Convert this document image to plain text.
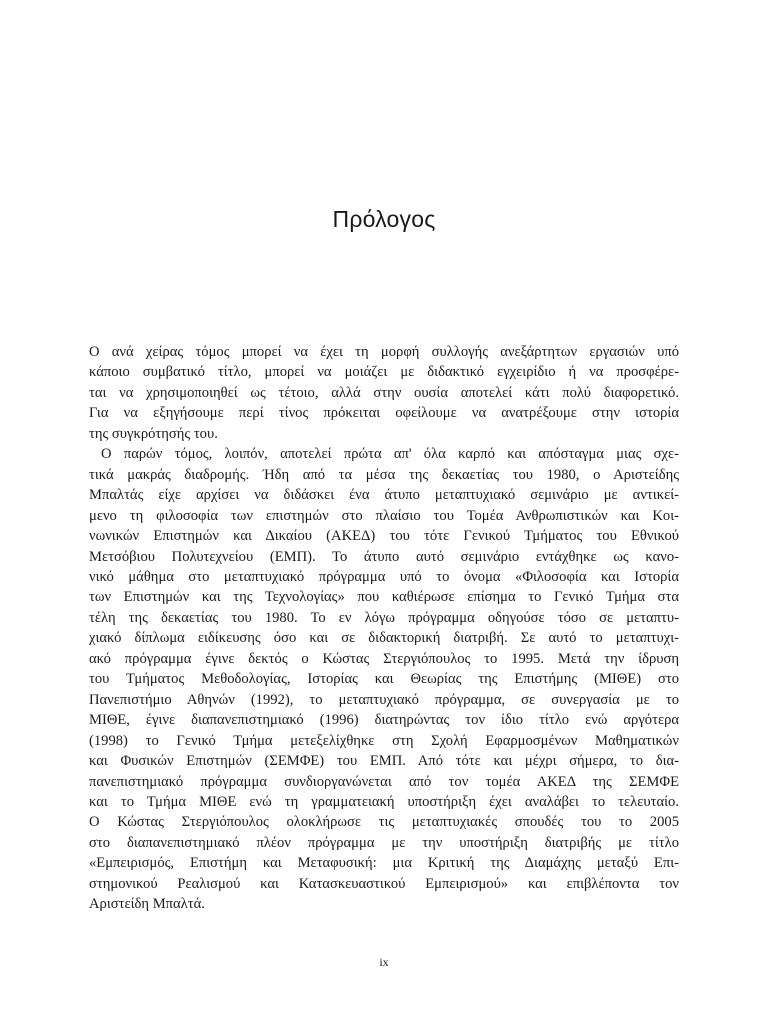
Πρόλογος

Ο ανά χείρας τόμος μπορεί να έχει τη μορφή συλλογής ανεξάρτητων εργασιών υπό
κάποιο συμβατικό τίτλο, μπορεί να μοιάζει με διδακτικό εγχειρίδιο ή να προσφέρε-
ται να χρησιμοποιηθεί ως τέτοιο, αλλά στην ουσία αποτελεί κάτι πολύ διαφορετικό.
Για να εξηγήσουμε περί τίνος πρόκειται οφείλουμε να ανατρέξουμε στην ιστορία
της συγκρότησής του.

Ο παρών τόμος, λοιπόν, αποτελεί πρώτα απ' όλα καρπό και απόσταγμα μιας σχε-
τικά μακράς διαδρομής. Ήδη από τα μέσα της δεκαετίας του 1980, ο Αριστείδης
Μπαλτάς είχε αρχίσει να διδάσκει ένα άτυπο μεταπτυχιακό σεμινάριο με αντικεί-
μενο τη φιλοσοφία των επιστημών στο πλαίσιο του Τομέα Ανθρωπιστικών και Κοι-
νωνικών Επιστημών και Δικαίου (ΑΚΕΔ) του τότε Γενικού Τμήματος του Εθνικού
Μετσόβιου Πολυτεχνείου (ΕΜΠ). Το άτυπο αυτό σεμινάριο εντάχθηκε ως κανο-
νικό μάθημα στο μεταπτυχιακό πρόγραμμα υπό το όνομα «Φιλοσοφία και Ιστορία
των Επιστημών και της Τεχνολογίας» που καθιέρωσε επίσημα το Γενικό Τμήμα στα
τέλη της δεκαετίας του 1980. Το εν λόγω πρόγραμμα οδηγούσε τόσο σε μεταπτυ-
χιακό δίπλωμα ειδίκευσης όσο και σε διδακτορική διατριβή. Σε αυτό το μεταπτυχι-
ακό πρόγραμμα έγινε δεκτός ο Κώστας Στεργιόπουλος το 1995. Μετά την ίδρυση
του Τμήματος Μεθοδολογίας, Ιστορίας και Θεωρίας της Επιστήμης (ΜΙΘΕ) στο
Πανεπιστήμιο Αθηνών (1992), το μεταπτυχιακό πρόγραμμα, σε συνεργασία με το
ΜΙΘΕ, έγινε διαπανεπιστημιακό (1996) διατηρώντας τον ίδιο τίτλο ενώ αργότερα
(1998) το Γενικό Τμήμα μετεξελίχθηκε στη Σχολή Εφαρμοσμένων Μαθηματικών
και Φυσικών Επιστημών (ΣΕΜΦΕ) του ΕΜΠ. Από τότε και μέχρι σήμερα, το δια-
πανεπιστημιακό πρόγραμμα συνδιοργανώνεται από τον τομέα ΑΚΕΔ της ΣΕΜΦΕ
και το Τμήμα ΜΙΘΕ ενώ τη γραμματειακή υποστήριξη έχει αναλάβει το τελευταίο.
Ο Κώστας Στεργιόπουλος ολοκλήρωσε τις μεταπτυχιακές σπουδές του το 2005
στο διαπανεπιστημιακό πλέον πρόγραμμα με την υποστήριξη διατριβής με τίτλο
«Εμπειρισμός, Επιστήμη και Μεταφυσική: μια Κριτική της Διαμάχης μεταξύ Επι-
στημονικού Ρεαλισμού και Κατασκευαστικού Εμπειρισμού» και επιβλέποντα τον
Αριστείδη Μπαλτά.

ix
